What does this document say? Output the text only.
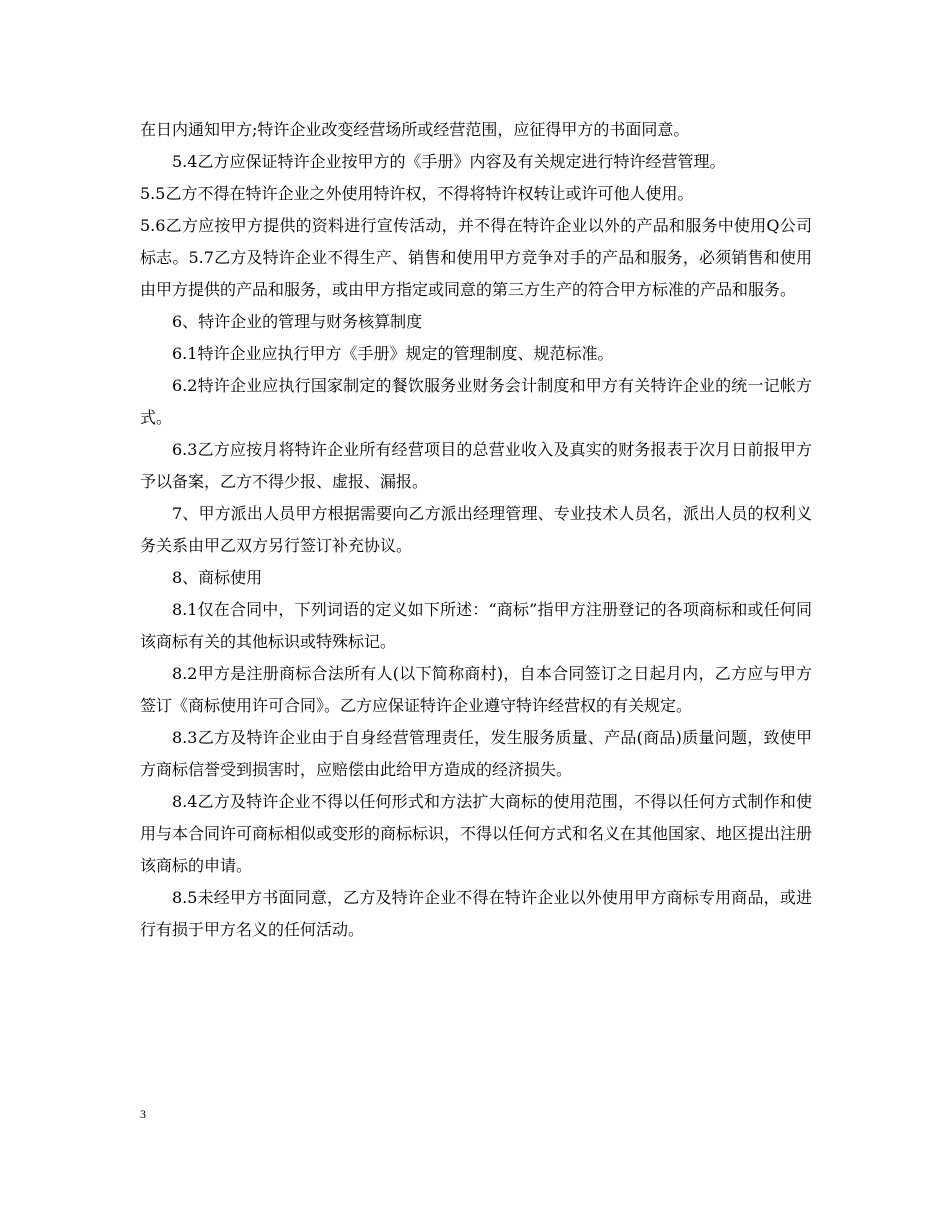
在日内通知甲方;特许企业改变经营场所或经营范围，应征得甲方的书面同意。

5.4乙方应保证特许企业按甲方的《手册》内容及有关规定进行特许经营管理。

5.5乙方不得在特许企业之外使用特许权，不得将特许权转让或许可他人使用。

5.6乙方应按甲方提供的资料进行宣传活动，并不得在特许企业以外的产品和服务中使用Q公司标志。5.7乙方及特许企业不得生产、销售和使用甲方竞争对手的产品和服务，必须销售和使用由甲方提供的产品和服务，或由甲方指定或同意的第三方生产的符合甲方标准的产品和服务。

6、特许企业的管理与财务核算制度

6.1特许企业应执行甲方《手册》规定的管理制度、规范标准。

6.2特许企业应执行国家制定的餐饮服务业财务会计制度和甲方有关特许企业的统一记帐方式。

6.3乙方应按月将特许企业所有经营项目的总营业收入及真实的财务报表于次月日前报甲方予以备案，乙方不得少报、虚报、漏报。

7、甲方派出人员甲方根据需要向乙方派出经理管理、专业技术人员名，派出人员的权利义务关系由甲乙双方另行签订补充协议。

8、商标使用

8.1仅在合同中，下列词语的定义如下所述：“商标”指甲方注册登记的各项商标和或任何同该商标有关的其他标识或特殊标记。

8.2甲方是注册商标合法所有人(以下简称商村)，自本合同签订之日起月内，乙方应与甲方签订《商标使用许可合同》。乙方应保证特许企业遵守特许经营权的有关规定。

8.3乙方及特许企业由于自身经营管理责任，发生服务质量、产品(商品)质量问题，致使甲方商标信誉受到损害时，应赔偿由此给甲方造成的经济损失。

8.4乙方及特许企业不得以任何形式和方法扩大商标的使用范围，不得以任何方式制作和使用与本合同许可商标相似或变形的商标标识，不得以任何方式和名义在其他国家、地区提出注册该商标的申请。

8.5未经甲方书面同意，乙方及特许企业不得在特许企业以外使用甲方商标专用商品，或进行有损于甲方名义的任何活动。

3
